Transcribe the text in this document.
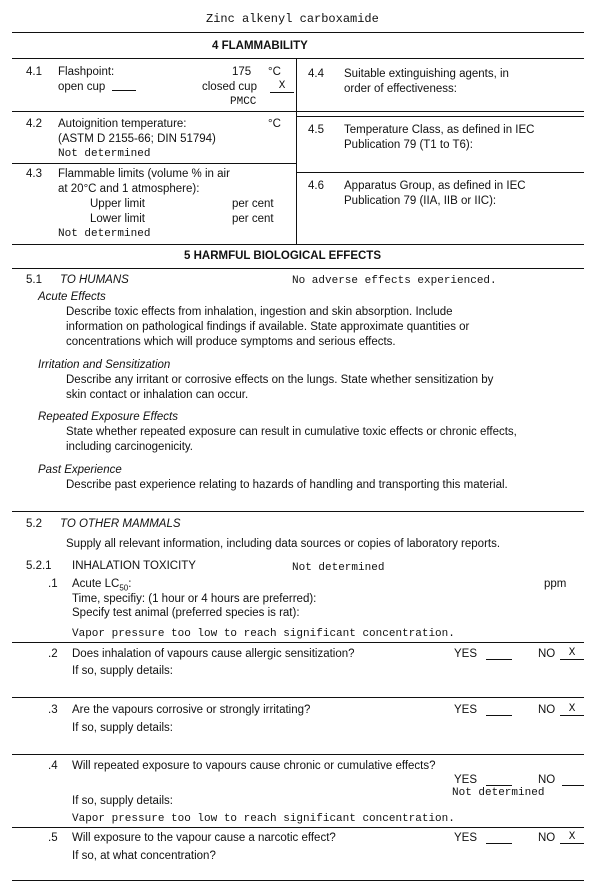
Zinc alkenyl carboxamide
4 FLAMMABILITY
4.1 Flashpoint:	175 °C
open cup	closed cup	X
PMCC
4.2 Autoignition temperature:	°C
(ASTM D 2155-66; DIN 51794)
Not determined
4.3 Flammable limits (volume % in air
at 20°C and 1 atmosphere):
Upper limit	per cent
Lower limit	per cent
Not determined
4.4 Suitable extinguishing agents, in
order of effectiveness:
4.5 Temperature Class, as defined in IEC
Publication 79 (T1 to T6):
4.6 Apparatus Group, as defined in IEC
Publication 79 (IIA, IIB or IIC):
5 HARMFUL BIOLOGICAL EFFECTS
5.1 TO HUMANS	No adverse effects experienced.
Acute Effects
Describe toxic effects from inhalation, ingestion and skin absorption. Include
information on pathological findings if available. State approximate quantities or
concentrations which will produce symptoms and serious effects.
Irritation and Sensitization
Describe any irritant or corrosive effects on the lungs. State whether sensitization by
skin contact or inhalation can occur.
Repeated Exposure Effects
State whether repeated exposure can result in cumulative toxic effects or chronic effects,
including carcinogenicity.
Past Experience
Describe past experience relating to hazards of handling and transporting this material.
5.2 TO OTHER MAMMALS
Supply all relevant information, including data sources or copies of laboratory reports.
5.2.1 INHALATION TOXICITY	Not determined
.1 Acute $LC_{50}$:	ppm
Time, specifiy: (1 hour or 4 hours are preferred):
Specify test animal (preferred species is rat):
Vapor pressure too low to reach significant concentration.
.2 Does inhalation of vapours cause allergic sensitization?	YES	NO	X
If so, supply details:
.3 Are the vapours corrosive or strongly irritating?	YES	NO	X
If so, supply details:
.4 Will repeated exposure to vapours cause chronic or cumulative effects?
YES	NO
Not determined
If so, supply details:
Vapor pressure too low to reach significant concentration.
.5 Will exposure to the vapour cause a narcotic effect?	YES	NO	X
If so, at what concentration?
